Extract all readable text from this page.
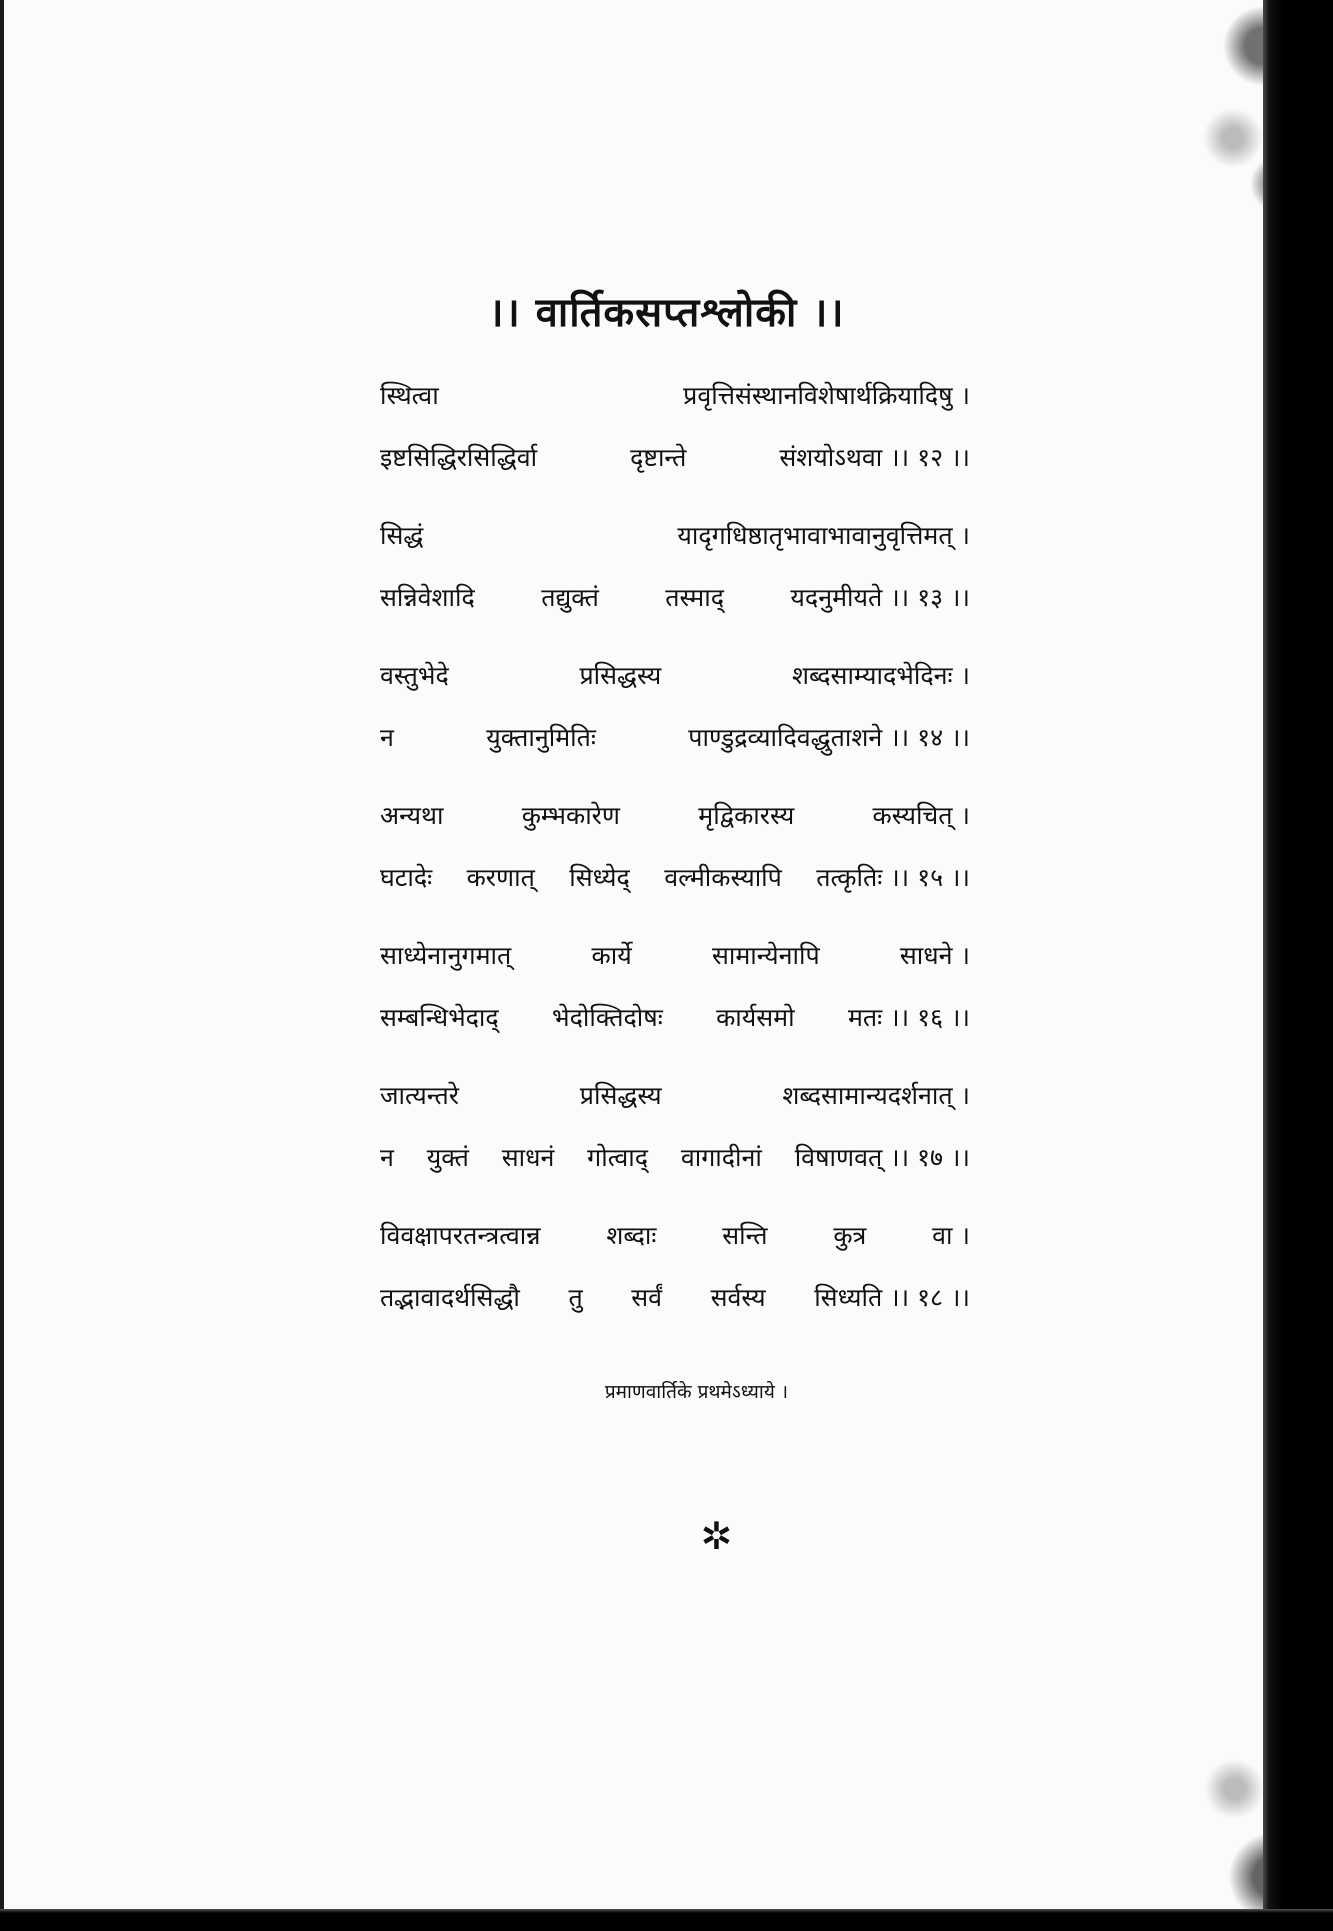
।। वार्तिकसप्तश्लोकी ।।
स्थित्वा	प्रवृत्तिसंस्थानविशेषार्थक्रियादिषु ।
इष्टसिद्धिरसिद्धिर्वा	दृष्टान्ते	संशयोऽथवा ।। १२ ।।
सिद्धं	यादृगधिष्ठातृभावाभावानुवृत्तिमत् ।
सन्निवेशादि	तद्युक्तं	तस्माद्	यदनुमीयते ।। १३ ।।
वस्तुभेदे	प्रसिद्धस्य	शब्दसाम्यादभेदिनः ।
न	युक्तानुमितिः	पाण्डुद्रव्यादिवद्धुताशने ।। १४ ।।
अन्यथा	कुम्भकारेण	मृद्विकारस्य	कस्यचित् ।
घटादेः करणात् सिध्येद् वल्मीकस्यापि तत्कृतिः ।। १५ ।।
साध्येनानुगमात्	कार्ये	सामान्येनापि	साधने ।
सम्बन्धिभेदाद् भेदोक्तिदोषः कार्यसमो मतः ।। १६ ।।
जात्यन्तरे	प्रसिद्धस्य	शब्दसामान्यदर्शनात् ।
न युक्तं साधनं गोत्वाद् वागादीनां विषाणवत् ।। १७ ।।
विवक्षापरतन्त्रत्वान्न	शब्दाः	सन्ति	कुत्र	वा ।
तद्भावादर्थसिद्धौ तु सर्वं सर्वस्य सिध्यति ।। १८ ।।
प्रमाणवार्तिके प्रथमेऽध्याये ।
✲
